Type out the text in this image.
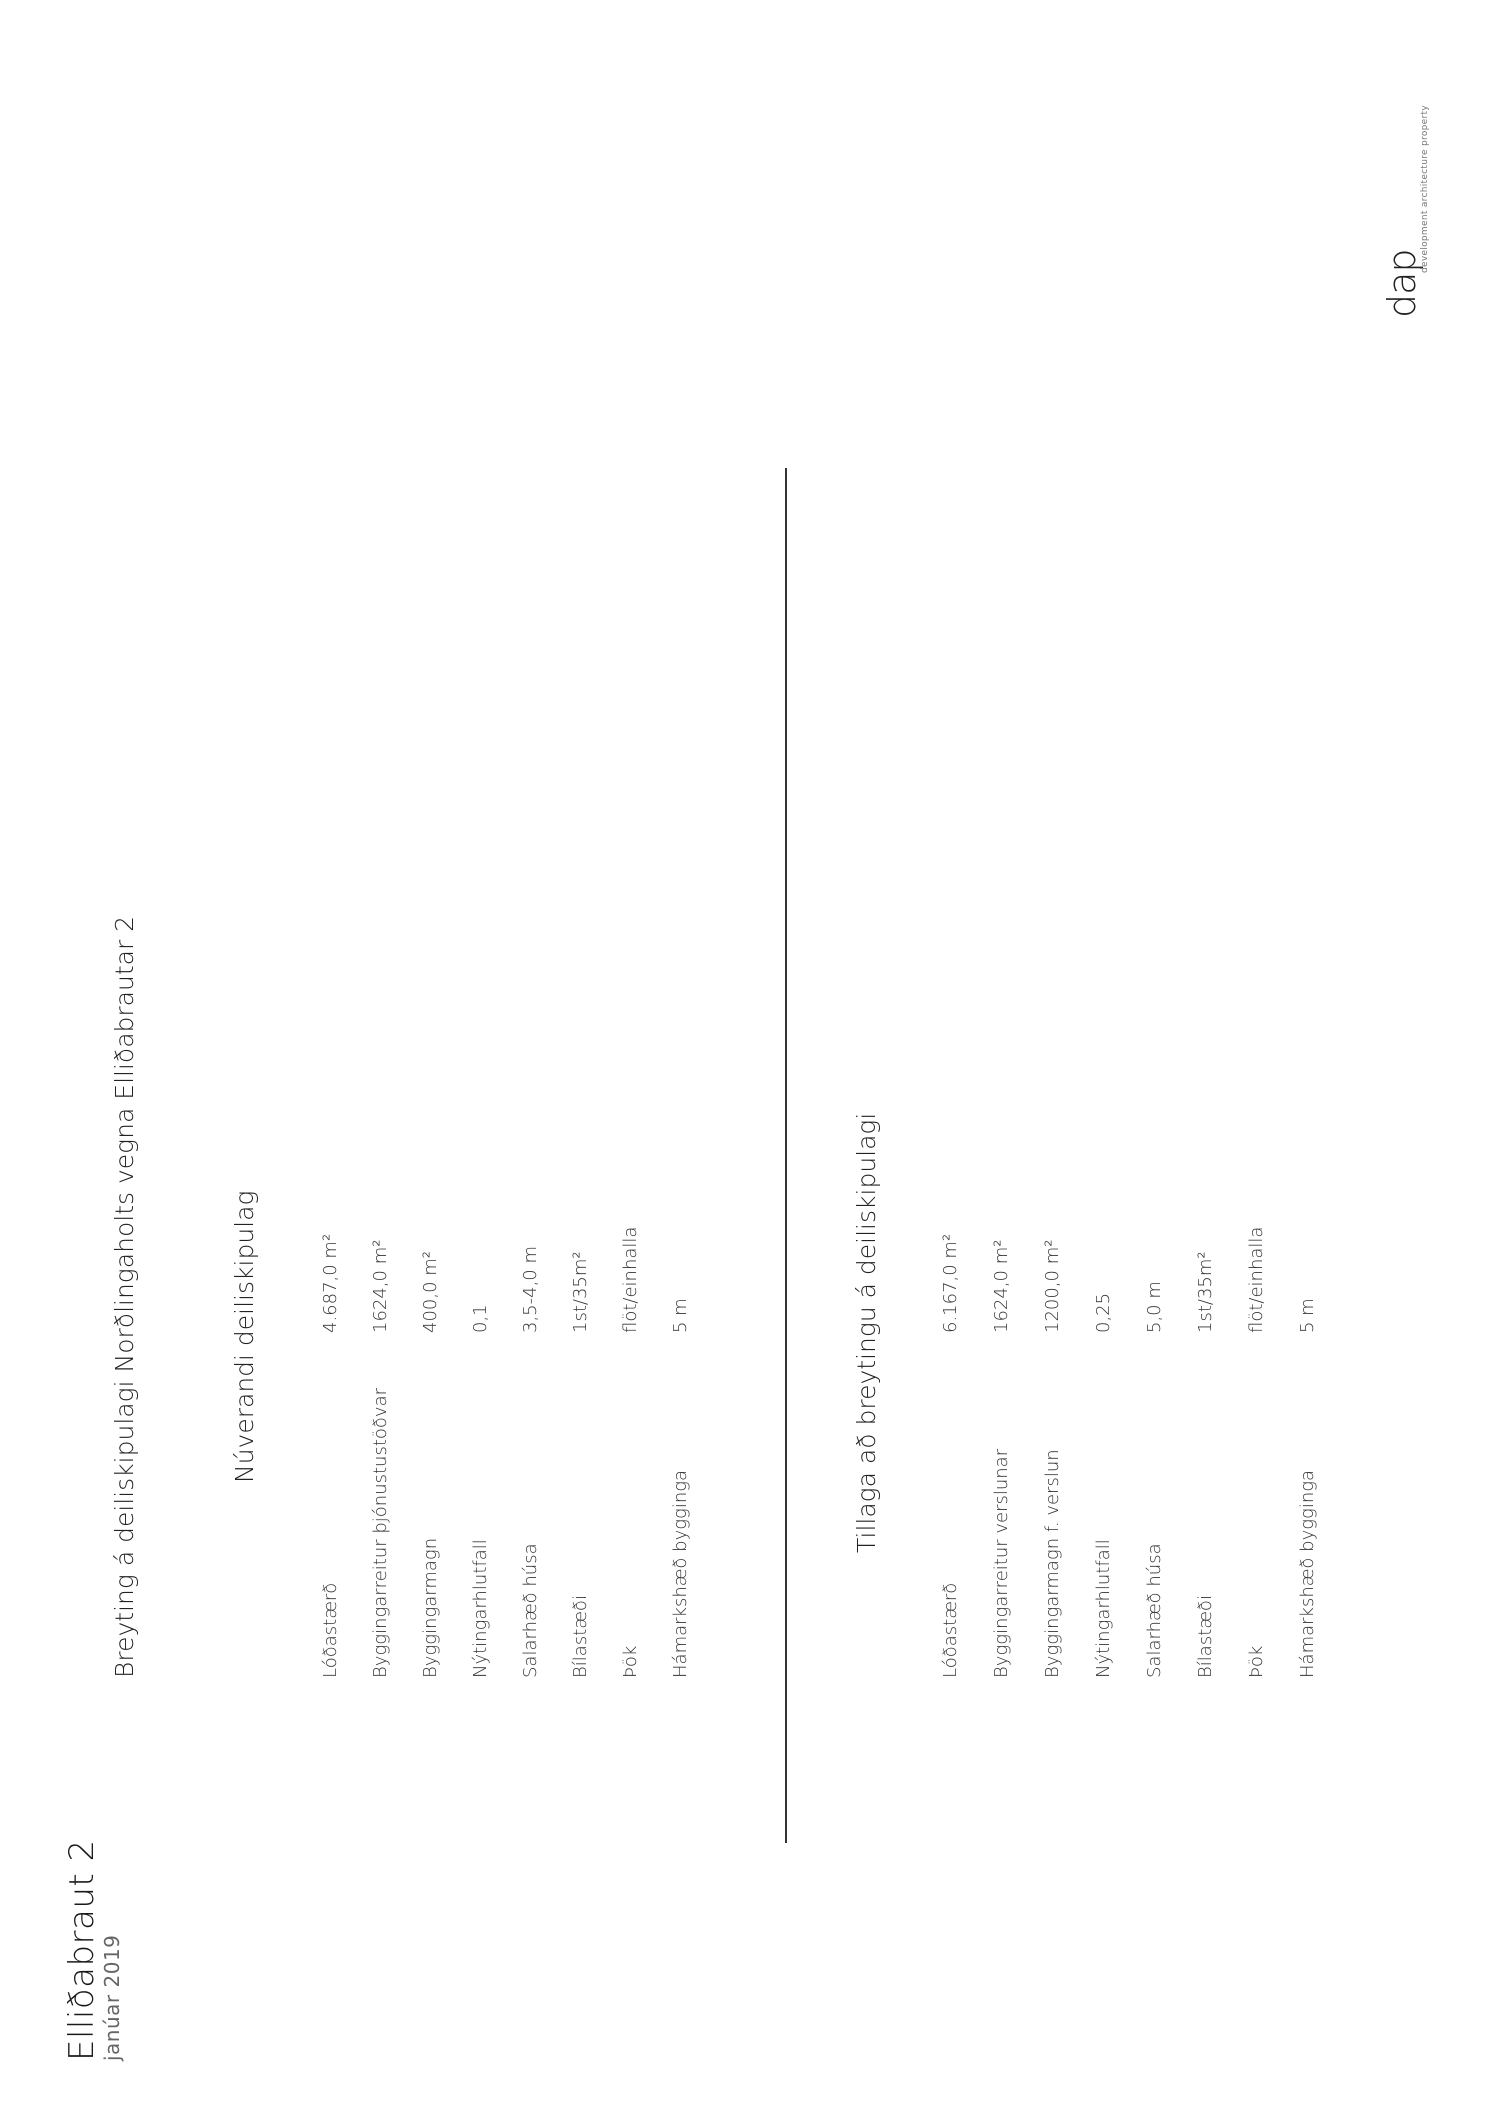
Elliðabraut 2
janúar 2019
Breyting á deiliskipulagi Norðlingaholts vegna Elliðabrautar 2	Núverandi deiliskipulag
Lóðastærð
4.687,0 m²
Byggingarreitur þjónustustöðvar
1624,0 m²
Byggingarmagn
400,0 m²
Nýtingarhlutfall
0,1
Salarhæð húsa
3,5-4,0 m
Bílastæði
1st/35m²
Þök
flöt/einhalla
Hámarkshæð bygginga
5 m	Tillaga að breytingu á deiliskipulagi
Lóðastærð
6.167,0 m²
Byggingarreitur verslunar
1624,0 m²
Byggingarmagn f. verslun
1200,0 m²
Nýtingarhlutfall
0,25
Salarhæð húsa
5,0 m
Bílastæði
1st/35m²
Þök
flöt/einhalla
Hámarkshæð bygginga
5 m
dap
development architecture property
